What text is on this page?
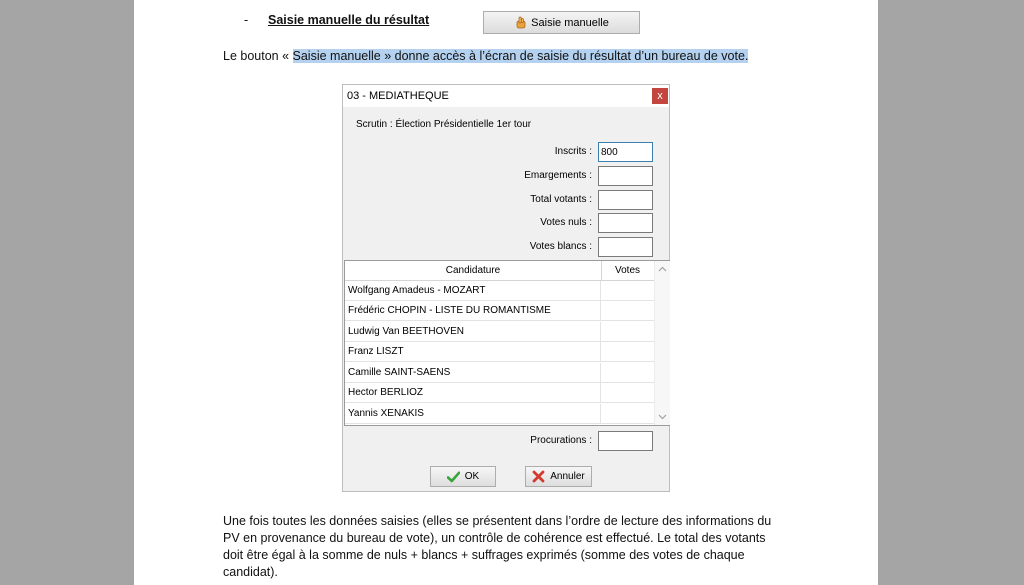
- Saisie manuelle du résultat	Saisie manuelle
Le bouton « Saisie manuelle » donne accès à l’écran de saisie du résultat d’un bureau de vote.
03 - MEDIATHEQUE	x
Scrutin : Élection Présidentielle 1er tour
Inscrits :
800
Emargements :
Total votants :
Votes nuls :
Votes blancs :
Candidature	Votes
Wolfgang Amadeus - MOZART
Frédéric CHOPIN - LISTE DU ROMANTISME
Ludwig Van BEETHOVEN
Franz LISZT
Camille SAINT-SAENS
Hector BERLIOZ
Yannis XENAKIS
Procurations :
OK	Annuler

Une fois toutes les données saisies (elles se présentent dans l’ordre de lecture des informations du

PV en provenance du bureau de vote), un contrôle de cohérence est effectué. Le total des votants

doit être égal à la somme de nuls + blancs + suffrages exprimés (somme des votes de chaque

candidat).
